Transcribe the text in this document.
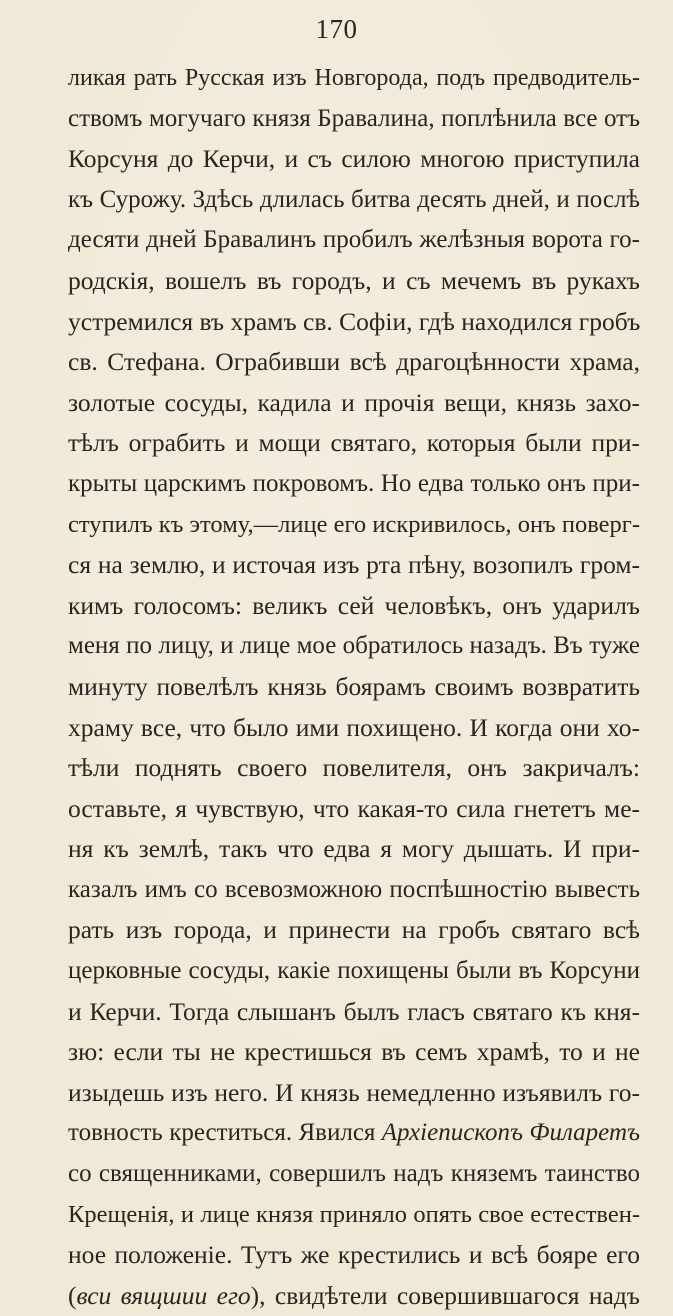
170
ликая рать Русская изъ Новгорода, подъ предводитель-
ствомъ могучаго князя Бравалина, поплѣнила все отъ
Корсуня до Керчи, и съ силою многою приступила
къ Сурожу. Здѣсь длилась битва десять дней, и послѣ
десяти дней Бравалинъ пробилъ желѣзныя ворота го-
родскія, вошелъ въ городъ, и съ мечемъ въ рукахъ
устремился въ храмъ св. Софіи, гдѣ находился гробъ
св. Стефана. Ограбивши всѣ драгоцѣнности храма,
золотые сосуды, кадила и прочія вещи, князь захо-
тѣлъ ограбить и мощи святаго, которыя были при-
крыты царскимъ покровомъ. Но едва только онъ при-
ступилъ къ этому,—лице его искривилось, онъ поверг-
ся на землю, и источая изъ рта пѣну, возопилъ гром-
кимъ голосомъ: великъ сей человѣкъ, онъ ударилъ
меня по лицу, и лице мое обратилось назадъ. Въ туже
минуту повелѣлъ князь боярамъ своимъ возвратить
храму все, что было ими похищено. И когда они хо-
тѣли поднять своего повелителя, онъ закричалъ:
оставьте, я чувствую, что какая-то сила гнететъ ме-
ня къ землѣ, такъ что едва я могу дышать. И при-
казалъ имъ со всевозможною поспѣшностію вывесть
рать изъ города, и принести на гробъ святаго всѣ
церковные сосуды, какіе похищены были въ Корсуни
и Керчи. Тогда слышанъ былъ гласъ святаго къ кня-
зю: если ты не крестишься въ семъ храмѣ, то и не
изыдешь изъ него. И князь немедленно изъявилъ го-
товность креститься. Явился Архіепископъ Филаретъ
со священниками, совершилъ надъ княземъ таинство
Крещенія, и лице князя приняло опять свое естествен-
ное положеніе. Тутъ же крестились и всѣ бояре его
(вси вящшии его), свидѣтели совершившагося надъ
